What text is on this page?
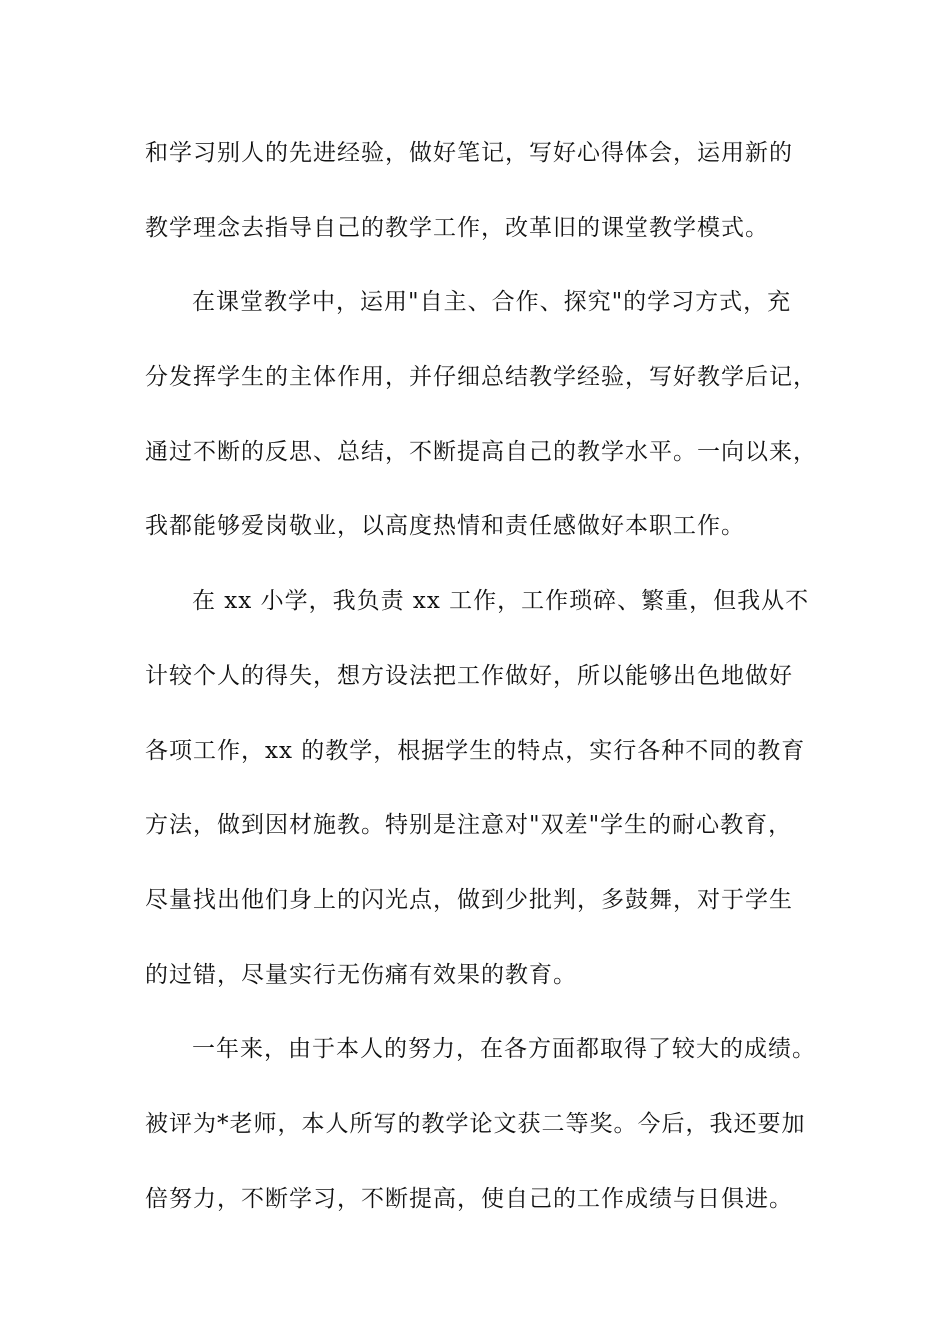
和学习别人的先进经验，做好笔记，写好心得体会，运用新的
教学理念去指导自己的教学工作，改革旧的课堂教学模式。
在课堂教学中，运用"自主、合作、探究"的学习方式，充
分发挥学生的主体作用，并仔细总结教学经验，写好教学后记，
通过不断的反思、总结，不断提高自己的教学水平。一向以来，
我都能够爱岗敬业，以高度热情和责任感做好本职工作。
在 xx 小学，我负责 xx 工作，工作琐碎、繁重，但我从不
计较个人的得失，想方设法把工作做好，所以能够出色地做好
各项工作，xx 的教学，根据学生的特点，实行各种不同的教育
方法，做到因材施教。特别是注意对"双差"学生的耐心教育，
尽量找出他们身上的闪光点，做到少批判，多鼓舞，对于学生
的过错，尽量实行无伤痛有效果的教育。
一年来，由于本人的努力，在各方面都取得了较大的成绩。
被评为*老师，本人所写的教学论文获二等奖。今后，我还要加
倍努力，不断学习，不断提高，使自己的工作成绩与日俱进。
